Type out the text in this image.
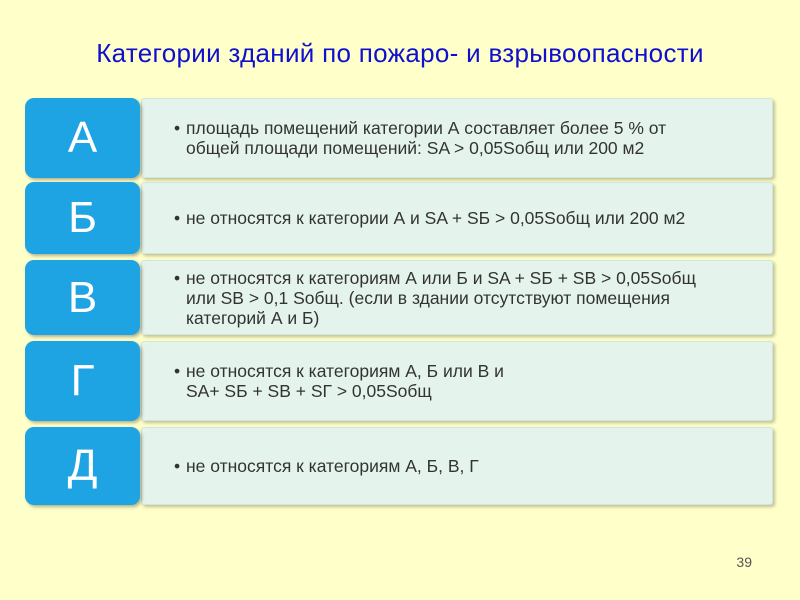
Категории зданий по пожаро- и взрывоопасности
• площадь помещений категории А составляет более 5 % от
общей площади помещений: SA > 0,05Sобщ или 200 м2
А
• не относятся к категории А и SA + SБ > 0,05Sобщ или 200 м2
Б
• не относятся к категориям А или Б и SA + SБ + SВ > 0,05Sобщ
или SВ > 0,1 Sобщ. (если в здании отсутствуют помещения
категорий А и Б)
В
• не относятся к категориям А, Б или В и
SA+ SБ + SВ + SГ > 0,05Sобщ
Г
• не относятся к категориям А, Б, В, Г
Д
39
